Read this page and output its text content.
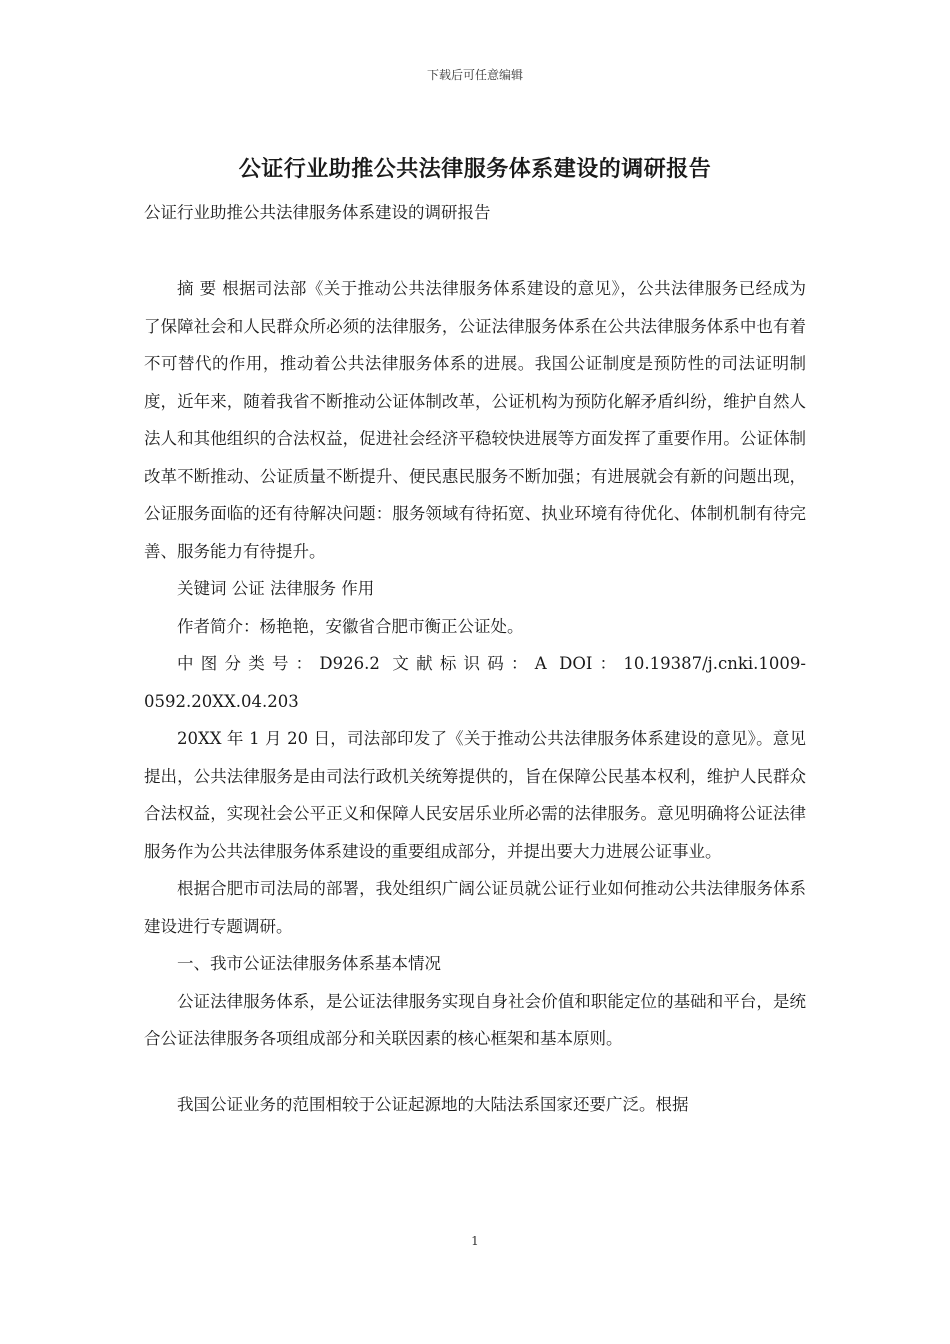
下载后可任意编辑
公证行业助推公共法律服务体系建设的调研报告
公证行业助推公共法律服务体系建设的调研报告

摘 要 根据司法部《关于推动公共法律服务体系建设的意见》，公共法律服务已经成为了保障社会和人民群众所必须的法律服务，公证法律服务体系在公共法律服务体系中也有着不可替代的作用，推动着公共法律服务体系的进展。我国公证制度是预防性的司法证明制度，近年来，随着我省不断推动公证体制改革，公证机构为预防化解矛盾纠纷，维护自然人法人和其他组织的合法权益，促进社会经济平稳较快进展等方面发挥了重要作用。公证体制改革不断推动、公证质量不断提升、便民惠民服务不断加强；有进展就会有新的问题出现，公证服务面临的还有待解决问题：服务领域有待拓宽、执业环境有待优化、体制机制有待完善、服务能力有待提升。

关键词 公证 法律服务 作用

作者简介：杨艳艳，安徽省合肥市衡正公证处。

中图分类号：D926.2 文献标识码：A DOI：10.19387/j.cnki.1009-0592.20XX.04.203

20XX 年 1 月 20 日，司法部印发了《关于推动公共法律服务体系建设的意见》。意见提出，公共法律服务是由司法行政机关统筹提供的，旨在保障公民基本权利，维护人民群众合法权益，实现社会公平正义和保障人民安居乐业所必需的法律服务。意见明确将公证法律服务作为公共法律服务体系建设的重要组成部分，并提出要大力进展公证事业。

根据合肥市司法局的部署，我处组织广阔公证员就公证行业如何推动公共法律服务体系建设进行专题调研。

一、我市公证法律服务体系基本情况

公证法律服务体系，是公证法律服务实现自身社会价值和职能定位的基础和平台，是统合公证法律服务各项组成部分和关联因素的核心框架和基本原则。

我国公证业务的范围相较于公证起源地的大陆法系国家还要广泛。根据

1
